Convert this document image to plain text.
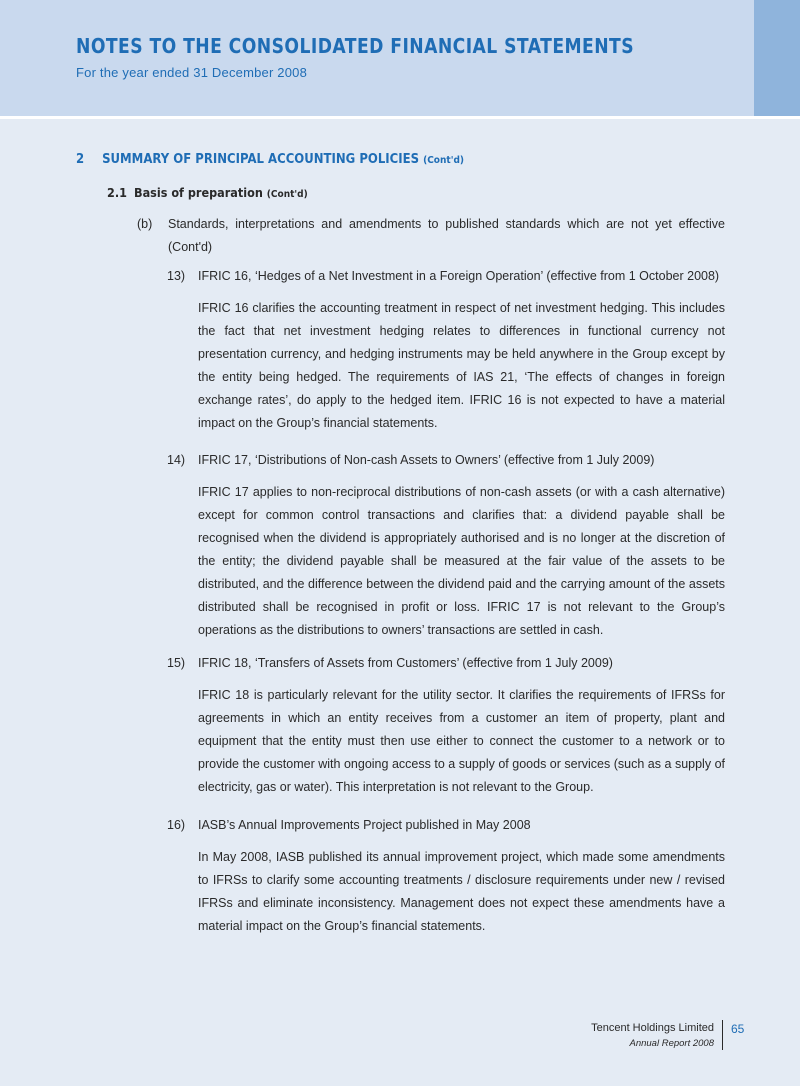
NOTES TO THE CONSOLIDATED FINANCIAL STATEMENTS
For the year ended 31 December 2008
2 SUMMARY OF PRINCIPAL ACCOUNTING POLICIES (Cont'd)
2.1 Basis of preparation (Cont'd)
(b) Standards, interpretations and amendments to published standards which are not yet effective (Cont'd)
13) IFRIC 16, ‘Hedges of a Net Investment in a Foreign Operation’ (effective from 1 October 2008)
IFRIC 16 clarifies the accounting treatment in respect of net investment hedging. This includes the fact that net investment hedging relates to differences in functional currency not presentation currency, and hedging instruments may be held anywhere in the Group except by the entity being hedged. The requirements of IAS 21, ‘The effects of changes in foreign exchange rates’, do apply to the hedged item. IFRIC 16 is not expected to have a material impact on the Group’s financial statements.
14) IFRIC 17, ‘Distributions of Non-cash Assets to Owners’ (effective from 1 July 2009)
IFRIC 17 applies to non-reciprocal distributions of non-cash assets (or with a cash alternative) except for common control transactions and clarifies that: a dividend payable shall be recognised when the dividend is appropriately authorised and is no longer at the discretion of the entity; the dividend payable shall be measured at the fair value of the assets to be distributed, and the difference between the dividend paid and the carrying amount of the assets distributed shall be recognised in profit or loss. IFRIC 17 is not relevant to the Group’s operations as the distributions to owners’ transactions are settled in cash.
15) IFRIC 18, ‘Transfers of Assets from Customers’ (effective from 1 July 2009)
IFRIC 18 is particularly relevant for the utility sector. It clarifies the requirements of IFRSs for agreements in which an entity receives from a customer an item of property, plant and equipment that the entity must then use either to connect the customer to a network or to provide the customer with ongoing access to a supply of goods or services (such as a supply of electricity, gas or water). This interpretation is not relevant to the Group.
16) IASB’s Annual Improvements Project published in May 2008
In May 2008, IASB published its annual improvement project, which made some amendments to IFRSs to clarify some accounting treatments / disclosure requirements under new / revised IFRSs and eliminate inconsistency. Management does not expect these amendments have a material impact on the Group’s financial statements.
Tencent Holdings Limited
Annual Report 2008
65
